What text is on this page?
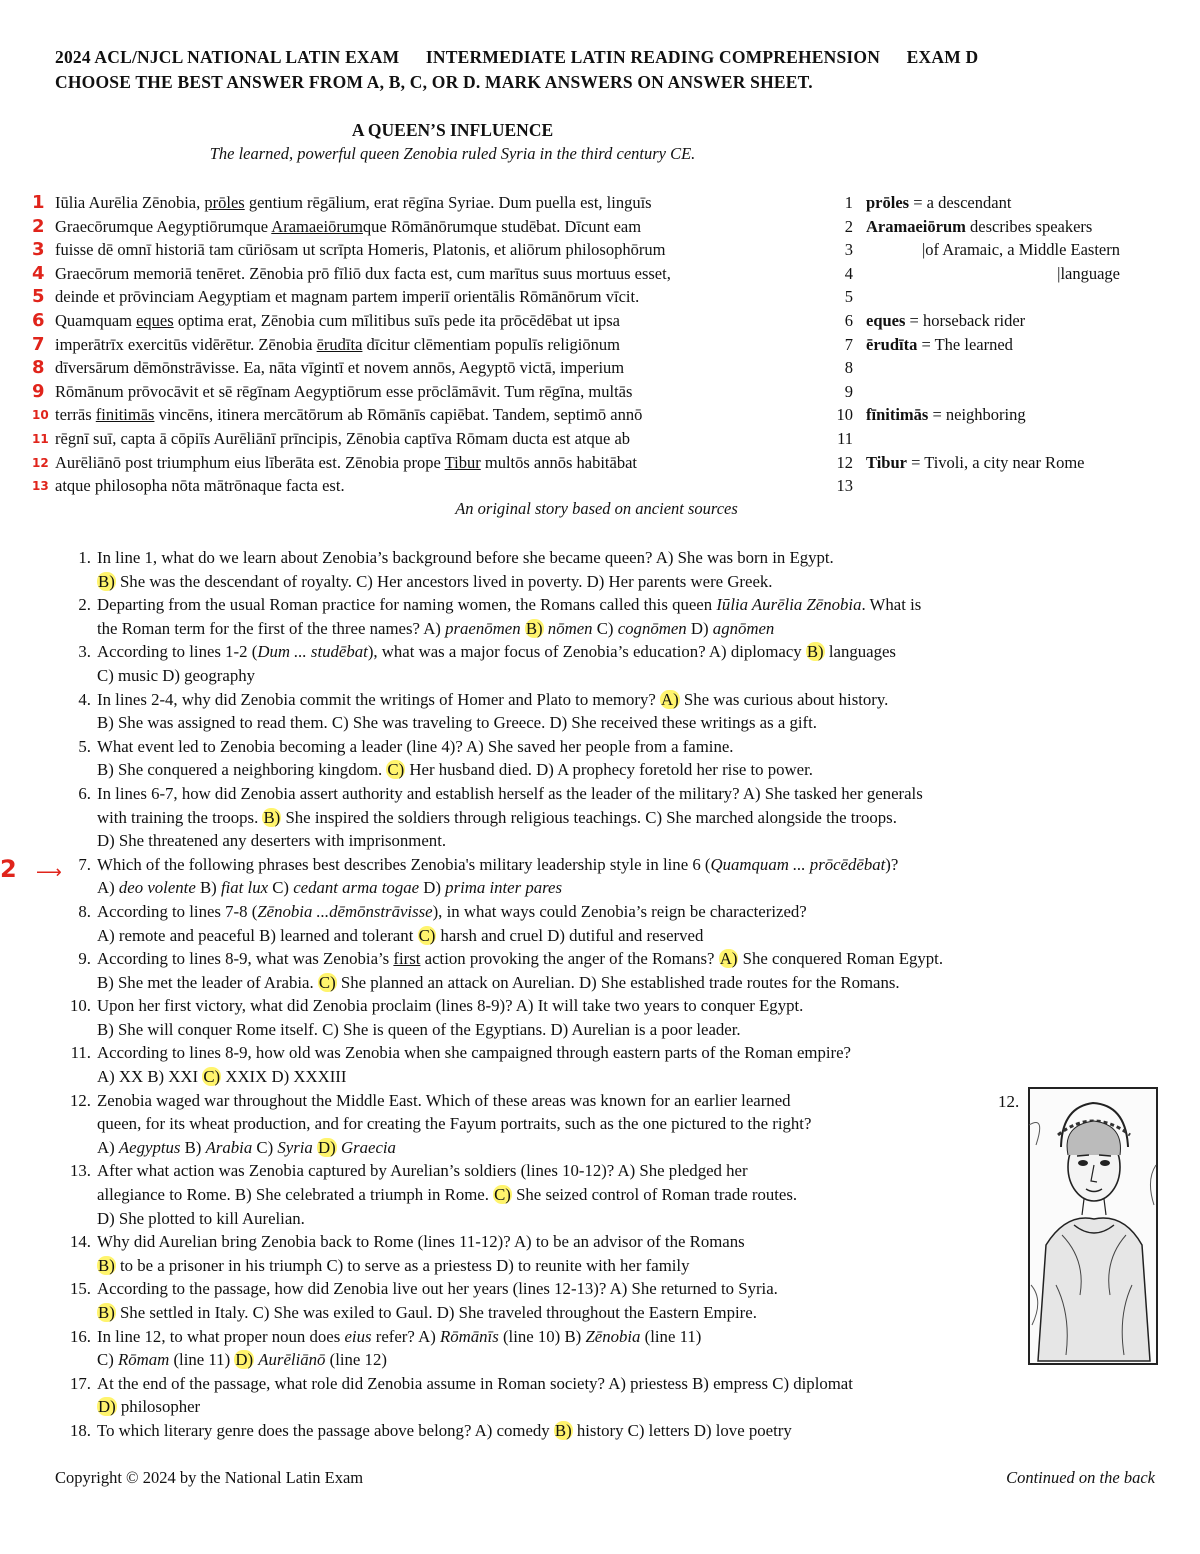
2024 ACL/NJCL NATIONAL LATIN EXAM INTERMEDIATE LATIN READING COMPREHENSION EXAM D
CHOOSE THE BEST ANSWER FROM A, B, C, OR D. MARK ANSWERS ON ANSWER SHEET.
A QUEEN’S INFLUENCE
The learned, powerful queen Zenobia ruled Syria in the third century CE.
Iūlia Aurēlia Zēnobia, prōles gentium rēgālium, erat rēgīna Syriae. Dum puella est, linguīs
Graecōrumque Aegyptiōrumque Aramaeiōrumque Rōmānōrumque studēbat. Dīcunt eam
fuisse dē omnī historiā tam cūriōsam ut scrīpta Homeris, Platonis, et aliōrum philosophōrum
Graecōrum memoriā tenēret. Zēnobia prō fīliō dux facta est, cum marītus suus mortuus esset,
deinde et prōvinciam Aegyptiam et magnam partem imperiī orientālis Rōmānōrum vīcit.
Quamquam eques optima erat, Zēnobia cum mīlitibus suīs pede ita prōcēdēbat ut ipsa
imperātrīx exercitūs vidērētur. Zēnobia ērudīta dīcitur clēmentiam populīs religiōnum
dīversārum dēmōnstrāvisse. Ea, nāta vīgintī et novem annōs, Aegyptō victā, imperium
Rōmānum prōvocāvit et sē rēgīnam Aegyptiōrum esse prōclāmāvit. Tum rēgīna, multās
terrās finitimās vincēns, itinera mercātōrum ab Rōmānīs capiēbat. Tandem, septimō annō
rēgnī suī, capta ā cōpiīs Aurēliānī prīncipis, Zēnobia captīva Rōmam ducta est atque ab
Aurēliānō post triumphum eius līberāta est. Zēnobia prope Tibur multōs annōs habitābat
atque philosopha nōta mātrōnaque facta est.
1
2
3
4
5
6
7
8
9
10
11
12
13
prōles = a descendant
Aramaeiōrum describes speakers
|of Aramaic, a Middle Eastern
|language
eques = horseback rider
ērudīta = The learned
fīnitimās = neighboring
Tibur = Tivoli, a city near Rome
1
2
3
4
5
6
7
8
9
10
11
12
13
An original story based on ancient sources
1. In line 1, what do we learn about Zenobia’s background before she became queen? A) She was born in Egypt.
B) She was the descendant of royalty. C) Her ancestors lived in poverty. D) Her parents were Greek.
2. Departing from the usual Roman practice for naming women, the Romans called this queen Iūlia Aurēlia Zēnobia. What is
the Roman term for the first of the three names? A) praenōmen B) nōmen C) cognōmen D) agnōmen
3. According to lines 1-2 (Dum ... studēbat), what was a major focus of Zenobia’s education? A) diplomacy B) languages
C) music D) geography
4. In lines 2-4, why did Zenobia commit the writings of Homer and Plato to memory? A) She was curious about history.
B) She was assigned to read them. C) She was traveling to Greece. D) She received these writings as a gift.
5. What event led to Zenobia becoming a leader (line 4)? A) She saved her people from a famine.
B) She conquered a neighboring kingdom. C) Her husband died. D) A prophecy foretold her rise to power.
6. In lines 6-7, how did Zenobia assert authority and establish herself as the leader of the military? A) She tasked her generals
with training the troops. B) She inspired the soldiers through religious teachings. C) She marched alongside the troops.
D) She threatened any deserters with imprisonment.
7. Which of the following phrases best describes Zenobia's military leadership style in line 6 (Quamquam ... prōcēdēbat)?
A) deo volente B) fiat lux C) cedant arma togae D) prima inter pares
8. According to lines 7-8 (Zēnobia ...dēmōnstrāvisse), in what ways could Zenobia’s reign be characterized?
A) remote and peaceful B) learned and tolerant C) harsh and cruel D) dutiful and reserved
9. According to lines 8-9, what was Zenobia’s first action provoking the anger of the Romans? A) She conquered Roman Egypt.
B) She met the leader of Arabia. C) She planned an attack on Aurelian. D) She established trade routes for the Romans.
10. Upon her first victory, what did Zenobia proclaim (lines 8-9)? A) It will take two years to conquer Egypt.
B) She will conquer Rome itself. C) She is queen of the Egyptians. D) Aurelian is a poor leader.
11. According to lines 8-9, how old was Zenobia when she campaigned through eastern parts of the Roman empire?
A) XX B) XXI C) XXIX D) XXXIII
12. Zenobia waged war throughout the Middle East. Which of these areas was known for an earlier learned
queen, for its wheat production, and for creating the Fayum portraits, such as the one pictured to the right?
A) Aegyptus B) Arabia C) Syria D) Graecia
13. After what action was Zenobia captured by Aurelian’s soldiers (lines 10-12)? A) She pledged her
allegiance to Rome. B) She celebrated a triumph in Rome. C) She seized control of Roman trade routes.
D) She plotted to kill Aurelian.
14. Why did Aurelian bring Zenobia back to Rome (lines 11-12)? A) to be an advisor of the Romans
B) to be a prisoner in his triumph C) to serve as a priestess D) to reunite with her family
15. According to the passage, how did Zenobia live out her years (lines 12-13)? A) She returned to Syria.
B) She settled in Italy. C) She was exiled to Gaul. D) She traveled throughout the Eastern Empire.
16. In line 12, to what proper noun does eius refer? A) Rōmānīs (line 10) B) Zēnobia (line 11)
C) Rōmam (line 11) D) Aurēliānō (line 12)
17. At the end of the passage, what role did Zenobia assume in Roman society? A) priestess B) empress C) diplomat
D) philosopher
18. To which literary genre does the passage above belong? A) comedy B) history C) letters D) love poetry
2 ⟶
12.
Copyright © 2024 by the National Latin Exam	Continued on the back
